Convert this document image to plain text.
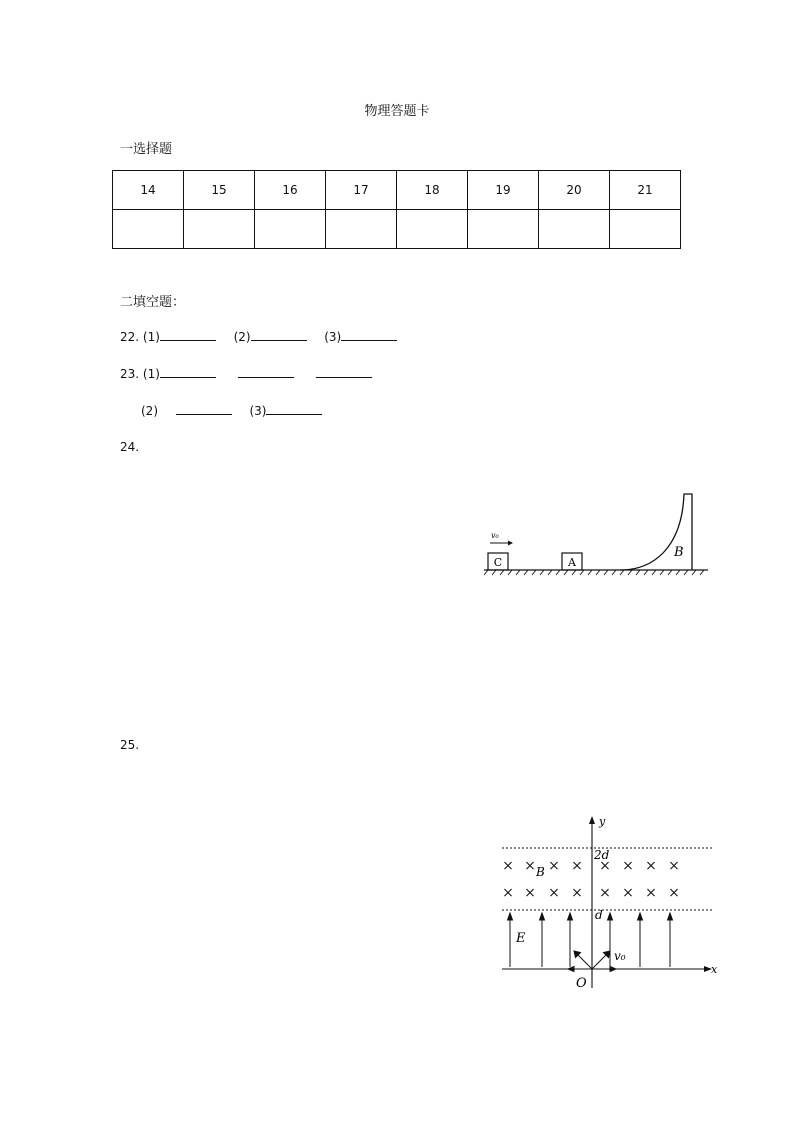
物理答题卡
一选择题
14	15	16	17	18	19	20	21

二填空题：
22. (1)	(2)	(3)
23. (1)
(2)	(3)
24.
v₀
C	A
B
25.
y
x
O
2d
d
× × × × × × × ×
× × × × × × × ×
B
E
v₀
